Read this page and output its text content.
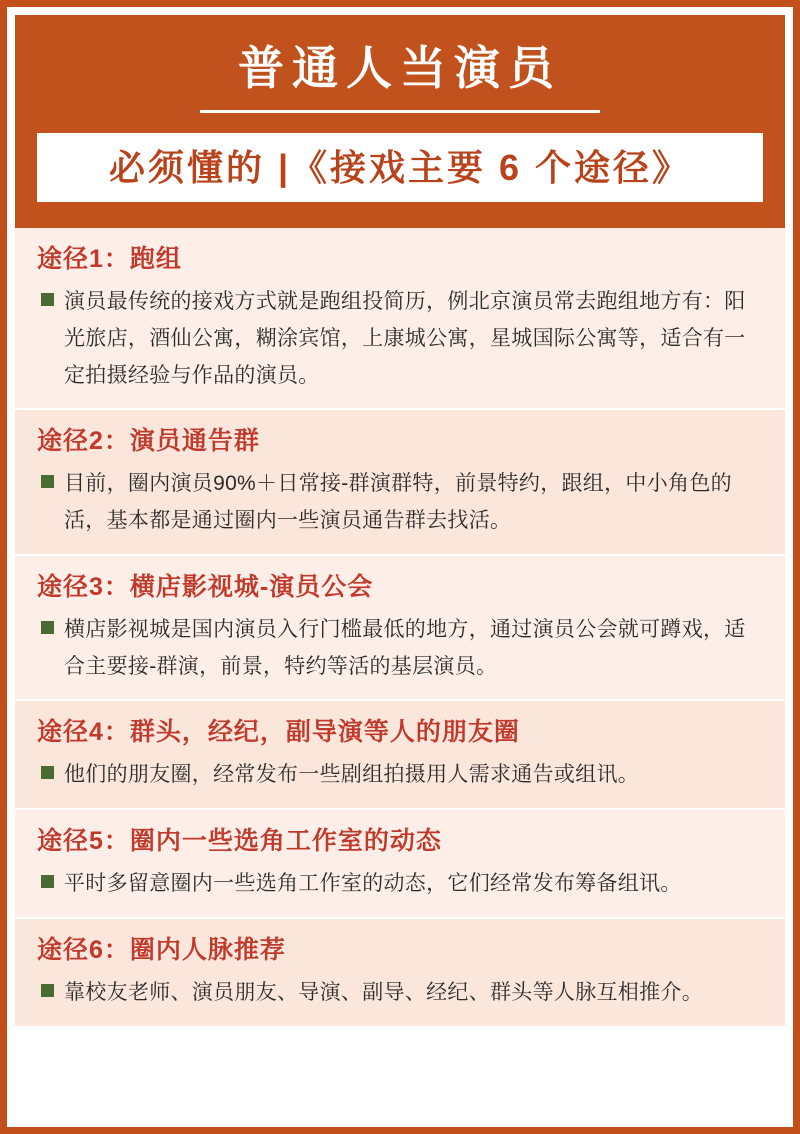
普通人当演员
必须懂的 |《接戏主要 6 个途径》
途径1：跑组
演员最传统的接戏方式就是跑组投简历，例北京演员常去跑组地方有：阳光旅店，酒仙公寓，糊涂宾馆，上康城公寓，星城国际公寓等，适合有一定拍摄经验与作品的演员。
途径2：演员通告群
目前，圈内演员90%＋日常接-群演群特，前景特约，跟组，中小角色的活，基本都是通过圈内一些演员通告群去找活。
途径3：横店影视城-演员公会
横店影视城是国内演员入行门槛最低的地方，通过演员公会就可蹲戏，适合主要接-群演，前景，特约等活的基层演员。
途径4：群头，经纪，副导演等人的朋友圈
他们的朋友圈，经常发布一些剧组拍摄用人需求通告或组讯。
途径5：圈内一些选角工作室的动态
平时多留意圈内一些选角工作室的动态，它们经常发布筹备组讯。
途径6：圈内人脉推荐
靠校友老师、演员朋友、导演、副导、经纪、群头等人脉互相推介。
